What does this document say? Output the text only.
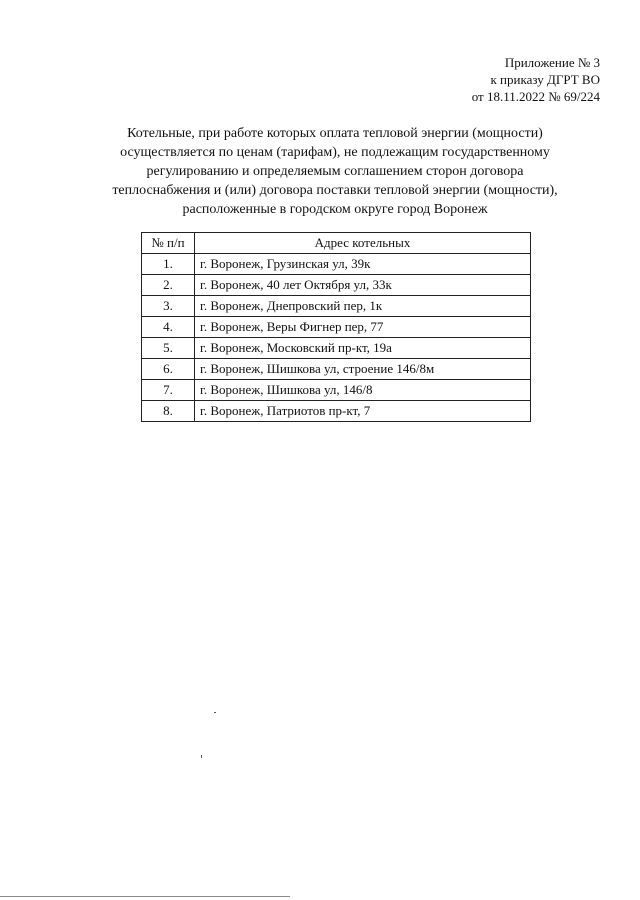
Приложение № 3
к приказу ДГРТ ВО
от 18.11.2022 № 69/224
Котельные, при работе которых оплата тепловой энергии (мощности)
осуществляется по ценам (тарифам), не подлежащим государственному
регулированию и определяемым соглашением сторон договора
теплоснабжения и (или) договора поставки тепловой энергии (мощности),
расположенные в городском округе город Воронеж
№ п/п	Адрес котельных
1.	г. Воронеж, Грузинская ул, 39к
2.	г. Воронеж, 40 лет Октября ул, 33к
3.	г. Воронеж, Днепровский пер, 1к
4.	г. Воронеж, Веры Фигнер пер, 77
5.	г. Воронеж, Московский пр-кт, 19а
6.	г. Воронеж, Шишкова ул, строение 146/8м
7.	г. Воронеж, Шишкова ул, 146/8
8.	г. Воронеж, Патриотов пр-кт, 7
